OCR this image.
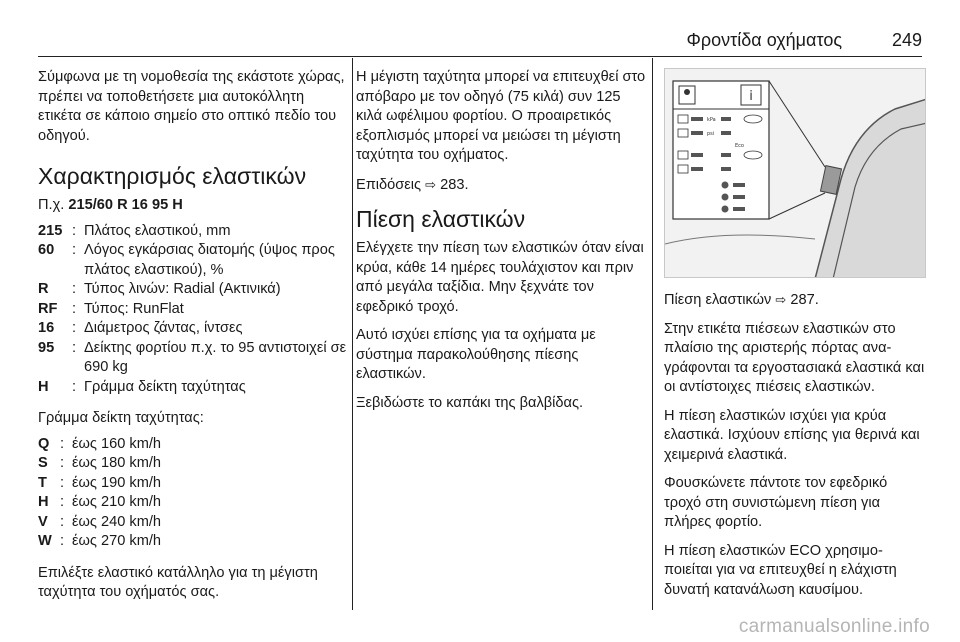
Φροντίδα οχήματος	249

Σύμφωνα με τη νομοθεσία της εκάστοτε χώρας, πρέπει να τοποθετήσετε μια αυτοκόλλητη ετικέτα σε κάποιο σημείο στο οπτικό πεδίο του οδηγού.

Χαρακτηρισμός ελαστικών
Π.χ. 215/60 R 16 95 H
215	:	Πλάτος ελαστικού, mm
60	:	Λόγος εγκάρσιας διατομής (ύψος προς πλάτος ελαστικού), %
R	:	Τύπος λινών: Radial (Ακτινικά)
RF	:	Τύπος: RunFlat
16	:	Διάμετρος ζάντας, ίντσες
95	:	Δείκτης φορτίου π.χ. το 95 αντιστοιχεί σε 690 kg
H	:	Γράμμα δείκτη ταχύτητας

Γράμμα δείκτη ταχύτητας:

Q	:	έως 160 km/h
S	:	έως 180 km/h
T	:	έως 190 km/h
H	:	έως 210 km/h
V	:	έως 240 km/h
W	:	έως 270 km/h

Επιλέξτε ελαστικό κατάλληλο για τη μέγιστη ταχύτητα του οχήματός σας.

Η μέγιστη ταχύτητα μπορεί να επιτευχθεί στο απόβαρο με τον οδηγό (75 κιλά) συν 125 κιλά ωφέλιμου φορτίου. Ο προαιρετικός εξοπλισμός μπορεί να μειώσει τη μέγιστη ταχύτητα του οχήματος.

Επιδόσεις ⇨ 283.

Πίεση ελαστικών

Ελέγχετε την πίεση των ελαστικών όταν είναι κρύα, κάθε 14 ημέρες τουλάχιστον και πριν από μεγάλα ταξίδια. Μην ξεχνάτε τον εφεδρικό τροχό.

Αυτό ισχύει επίσης για τα οχήματα με σύστημα παρακολούθησης πίεσης ελαστικών.

Ξεβιδώστε το καπάκι της βαλβίδας.

i
kPa
psi
Eco

Πίεση ελαστικών ⇨ 287.

Στην ετικέτα πιέσεων ελαστικών στο πλαίσιο της αριστερής πόρτας αναγράφονται τα εργοστασιακά ελαστικά και οι αντίστοιχες πιέσεις ελαστικών.

Η πίεση ελαστικών ισχύει για κρύα ελαστικά. Ισχύουν επίσης για θερινά και χειμερινά ελαστικά.

Φουσκώνετε πάντοτε τον εφεδρικό τροχό στη συνιστώμενη πίεση για πλήρες φορτίο.

Η πίεση ελαστικών ECO χρησιμοποιείται για να επιτευχθεί η ελάχιστη δυνατή κατανάλωση καυσίμου.

carmanualsonline.info
